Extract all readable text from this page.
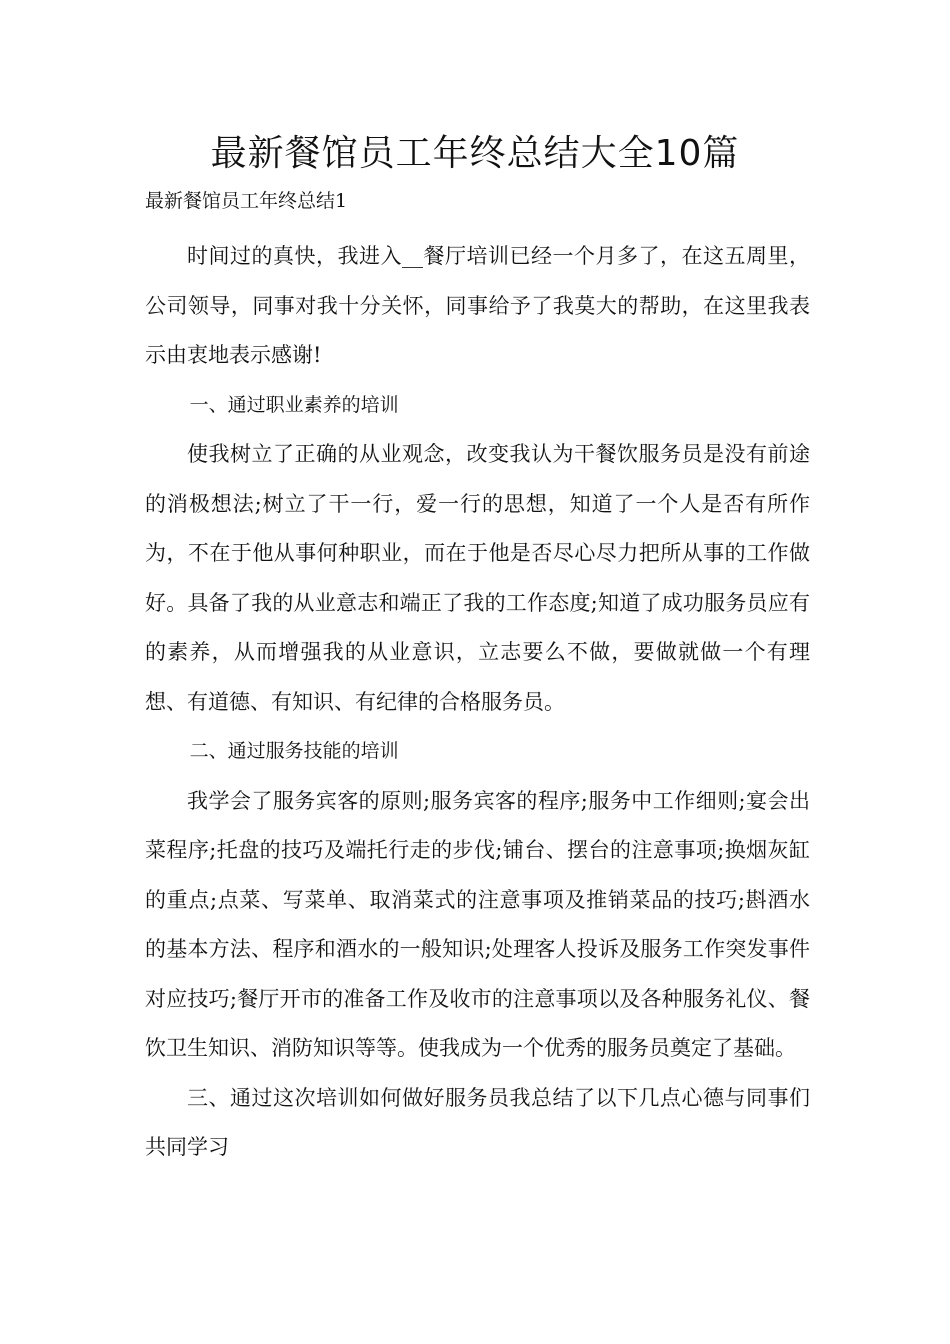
最新餐馆员工年终总结大全10篇

最新餐馆员工年终总结1

时间过的真快，我进入__餐厅培训已经一个月多了，在这五周里，公司领导，同事对我十分关怀，同事给予了我莫大的帮助，在这里我表示由衷地表示感谢!

一、通过职业素养的培训

使我树立了正确的从业观念，改变我认为干餐饮服务员是没有前途的消极想法;树立了干一行，爱一行的思想，知道了一个人是否有所作为，不在于他从事何种职业，而在于他是否尽心尽力把所从事的工作做好。具备了我的从业意志和端正了我的工作态度;知道了成功服务员应有的素养，从而增强我的从业意识，立志要么不做，要做就做一个有理想、有道德、有知识、有纪律的合格服务员。

二、通过服务技能的培训

我学会了服务宾客的原则;服务宾客的程序;服务中工作细则;宴会出菜程序;托盘的技巧及端托行走的步伐;铺台、摆台的注意事项;换烟灰缸的重点;点菜、写菜单、取消菜式的注意事项及推销菜品的技巧;斟酒水的基本方法、程序和酒水的一般知识;处理客人投诉及服务工作突发事件对应技巧;餐厅开市的准备工作及收市的注意事项以及各种服务礼仪、餐饮卫生知识、消防知识等等。使我成为一个优秀的服务员奠定了基础。

三、通过这次培训如何做好服务员我总结了以下几点心德与同事们共同学习
